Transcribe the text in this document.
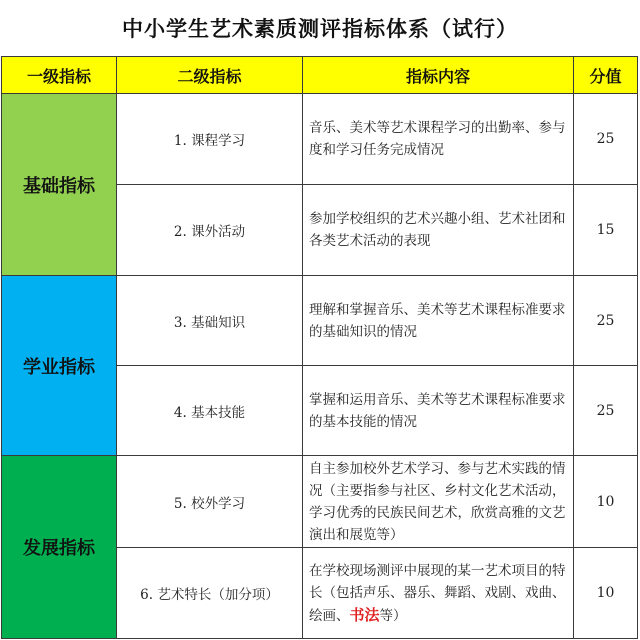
中小学生艺术素质测评指标体系（试行）
一级指标	二级指标	指标内容	分值
基础指标	1. 课程学习	音乐、美术等艺术课程学习的出勤率、参与度和学习任务完成情况	25
	2. 课外活动	参加学校组织的艺术兴趣小组、艺术社团和各类艺术活动的表现	15
学业指标	3. 基础知识	理解和掌握音乐、美术等艺术课程标准要求的基础知识的情况	25
	4. 基本技能	掌握和运用音乐、美术等艺术课程标准要求的基本技能的情况	25
发展指标	5. 校外学习	自主参加校外艺术学习、参与艺术实践的情况（主要指参与社区、乡村文化艺术活动，学习优秀的民族民间艺术，欣赏高雅的文艺演出和展览等）	10
	6. 艺术特长（加分项）	在学校现场测评中展现的某一艺术项目的特长（包括声乐、器乐、舞蹈、戏剧、戏曲、绘画、书法等）	10
